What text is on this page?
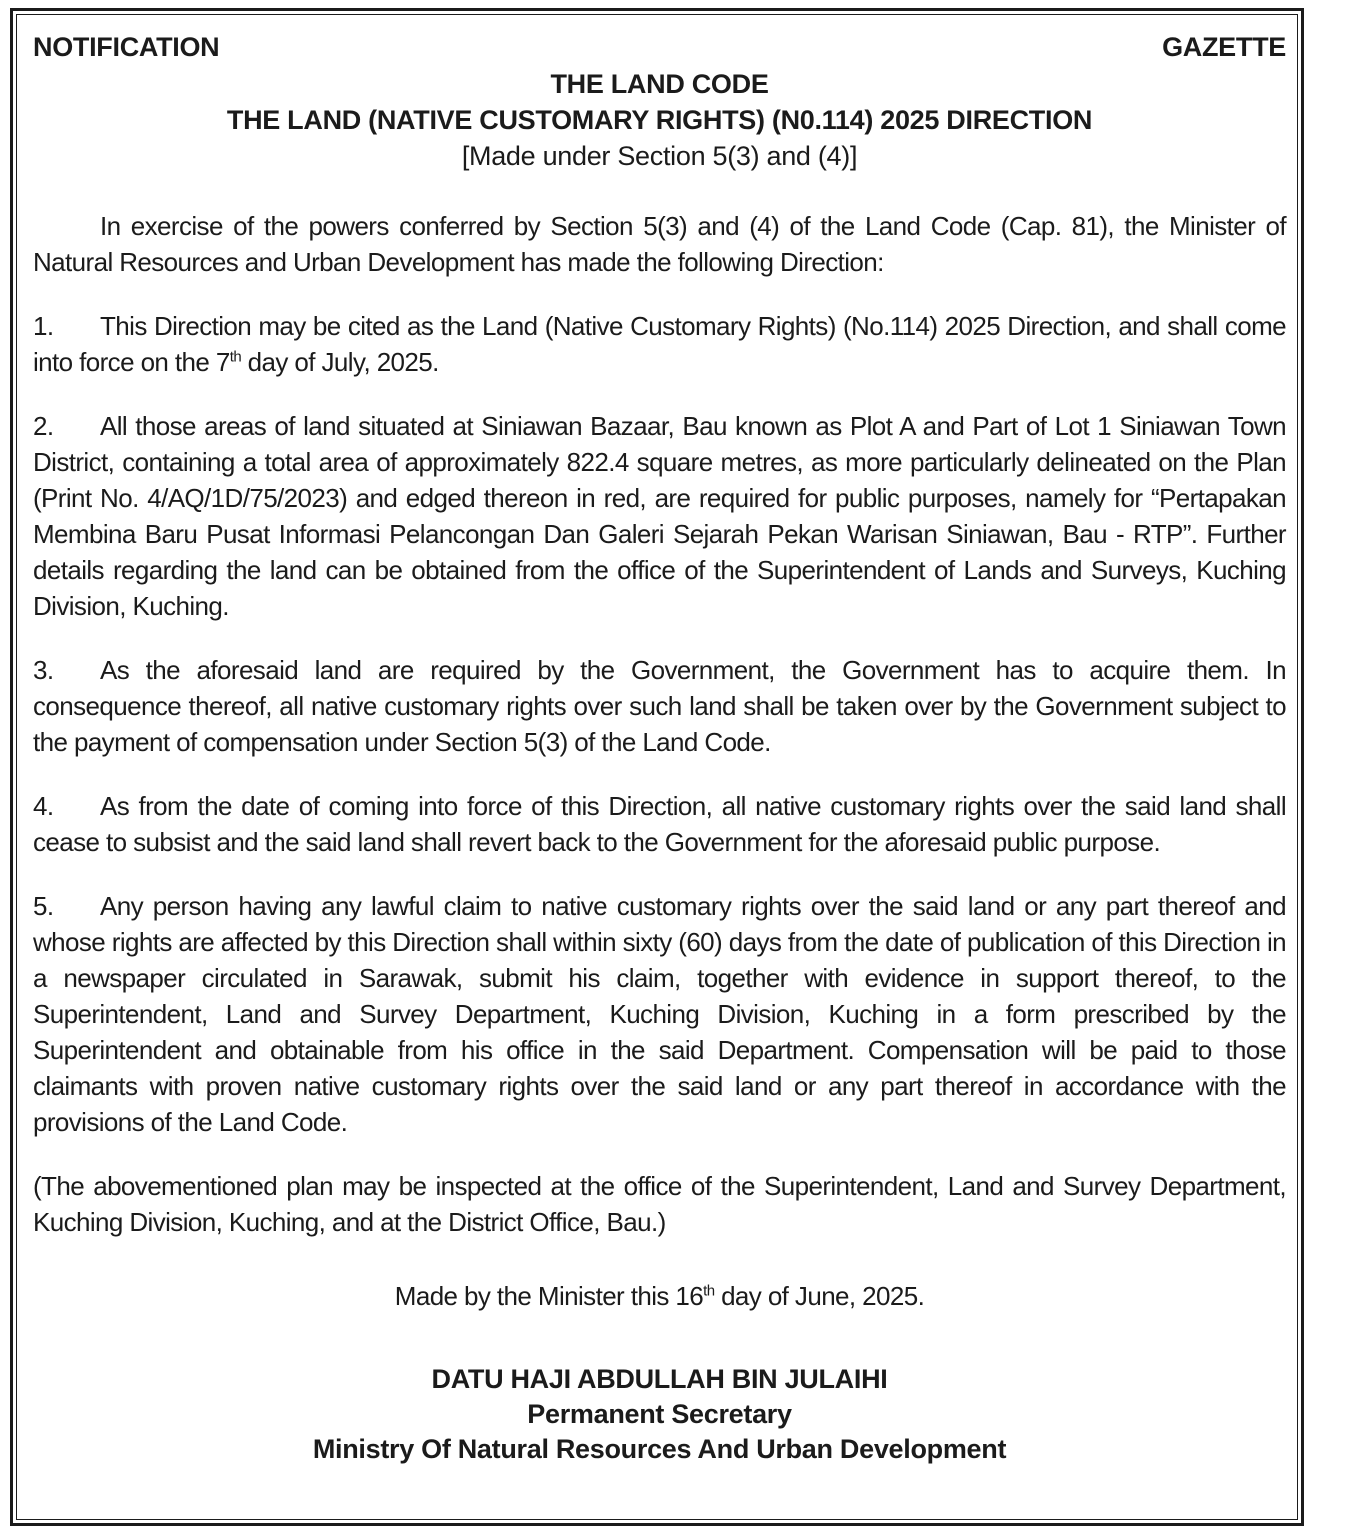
NOTIFICATION	GAZETTE
THE LAND CODE
THE LAND (NATIVE CUSTOMARY RIGHTS) (N0.114) 2025 DIRECTION
[Made under Section 5(3) and (4)]

In exercise of the powers conferred by Section 5(3) and (4) of the Land Code (Cap. 81), the Minister of Natural Resources and Urban Development has made the following Direction:

1. This Direction may be cited as the Land (Native Customary Rights) (No.114) 2025 Direction, and shall come into force on the 7th day of July, 2025.

2. All those areas of land situated at Siniawan Bazaar, Bau known as Plot A and Part of Lot 1 Siniawan Town District, containing a total area of approximately 822.4 square metres, as more particularly delineated on the Plan (Print No. 4/AQ/1D/75/2023) and edged thereon in red, are required for public purposes, namely for “Pertapakan Membina Baru Pusat Informasi Pelancongan Dan Galeri Sejarah Pekan Warisan Siniawan, Bau - RTP”. Further details regarding the land can be obtained from the office of the Superintendent of Lands and Surveys, Kuching Division, Kuching.

3. As the aforesaid land are required by the Government, the Government has to acquire them. In consequence thereof, all native customary rights over such land shall be taken over by the Government subject to the payment of compensation under Section 5(3) of the Land Code.

4. As from the date of coming into force of this Direction, all native customary rights over the said land shall cease to subsist and the said land shall revert back to the Government for the aforesaid public purpose.

5. Any person having any lawful claim to native customary rights over the said land or any part thereof and whose rights are affected by this Direction shall within sixty (60) days from the date of publication of this Direction in a newspaper circulated in Sarawak, submit his claim, together with evidence in support thereof, to the Superintendent, Land and Survey Department, Kuching Division, Kuching in a form prescribed by the Superintendent and obtainable from his office in the said Department. Compensation will be paid to those claimants with proven native customary rights over the said land or any part thereof in accordance with the provisions of the Land Code.

(The abovementioned plan may be inspected at the office of the Superintendent, Land and Survey Department, Kuching Division, Kuching, and at the District Office, Bau.)

Made by the Minister this 16th day of June, 2025.
DATU HAJI ABDULLAH BIN JULAIHI
Permanent Secretary
Ministry Of Natural Resources And Urban Development
